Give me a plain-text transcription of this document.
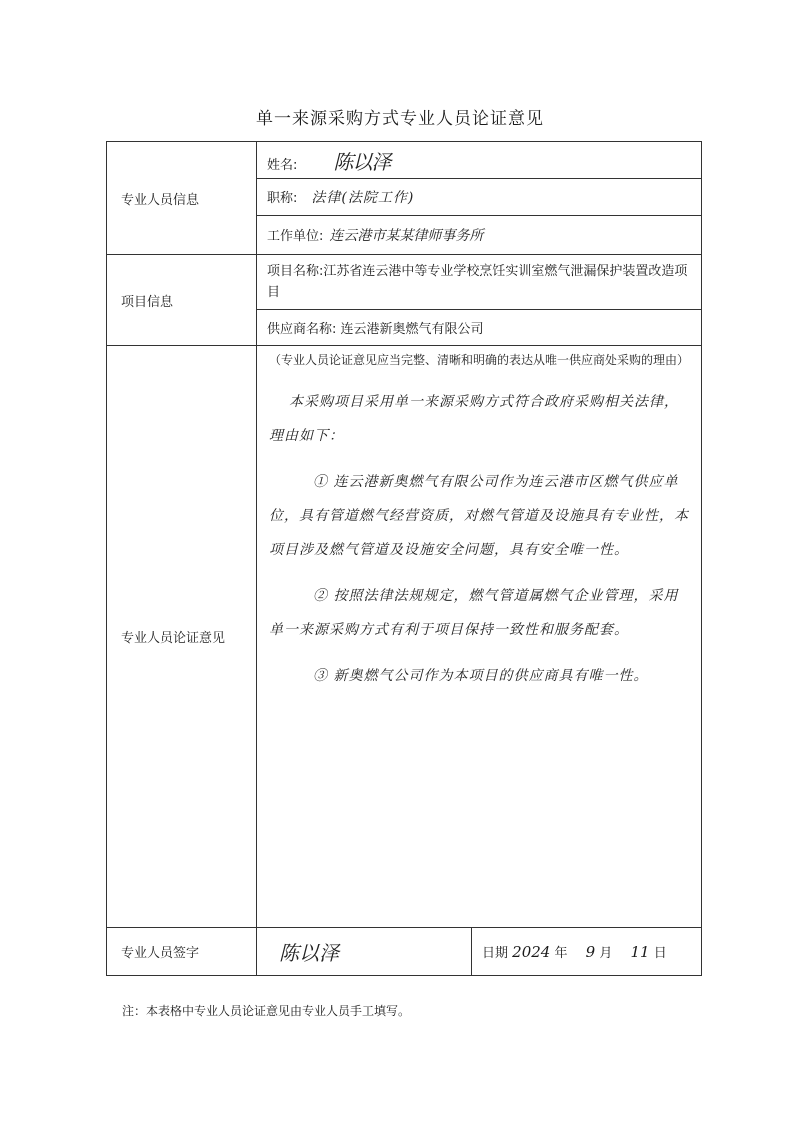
单一来源采购方式专业人员论证意见
专业人员信息	姓名: 陈以泽	
	职称: 法律(法院工作)	
	工作单位: 连云港市某某律师事务所	
项目信息	项目名称:江苏省连云港中等专业学校烹饪实训室燃气泄漏保护装置改造项目	
	供应商名称: 连云港新奥燃气有限公司	
专业人员论证意见	（专业人员论证意见应当完整、清晰和明确的表达从唯一供应商处采购的理由）

本采购项目采用单一来源采购方式符合政府采购相关法律，理由如下：

① 连云港新奥燃气有限公司作为连云港市区燃气供应单位，具有管道燃气经营资质，对燃气管道及设施具有专业性，本项目涉及燃气管道及设施安全问题，具有安全唯一性。

② 按照法律法规规定，燃气管道属燃气企业管理，采用单一来源采购方式有利于项目保持一致性和服务配套。

③ 新奥燃气公司作为本项目的供应商具有唯一性。	

专业人员签字	陈以泽	日期 2024 年 9 月 11 日
注：本表格中专业人员论证意见由专业人员手工填写。
